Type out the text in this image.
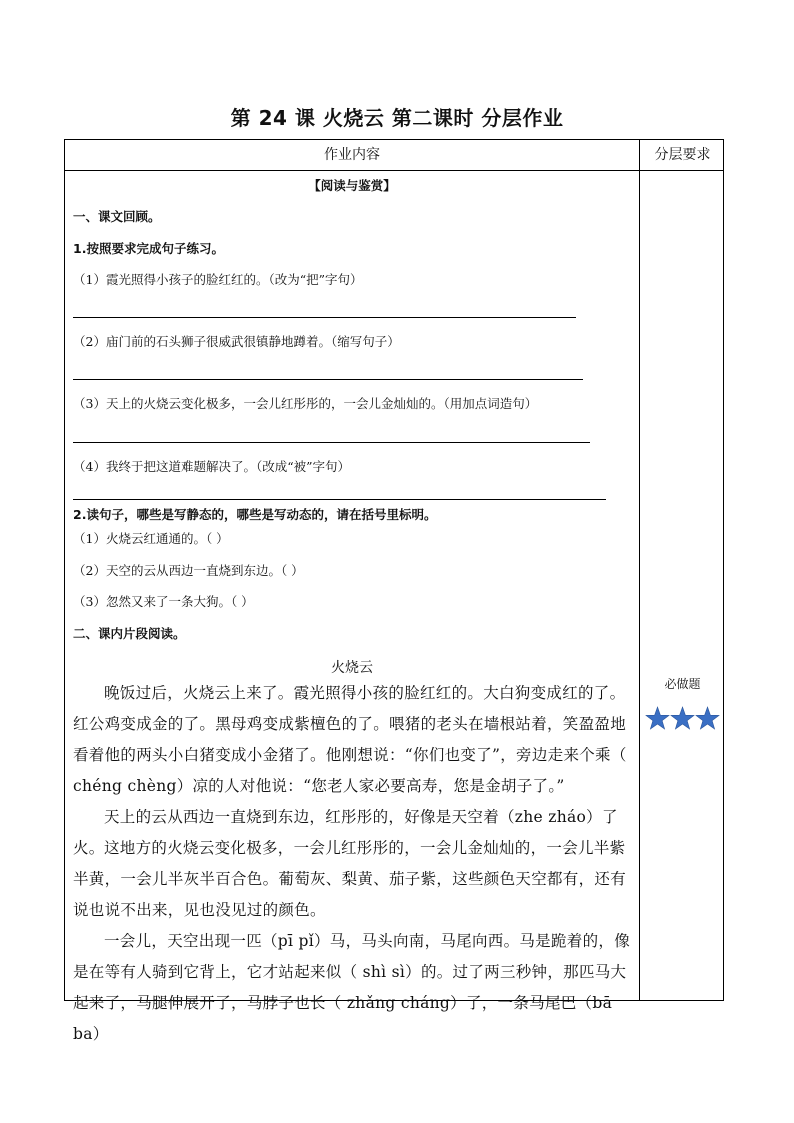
第 24 课 火烧云 第二课时 分层作业
作业内容	分层要求
【阅读与鉴赏】
一、课文回顾。
1.按照要求完成句子练习。
（1）霞光照得小孩子的脸红红的。（改为“把”字句）
（2）庙门前的石头狮子很威武很镇静地蹲着。（缩写句子）
（3）天上的火烧云变化极多，一会儿红彤彤的，一会儿金灿灿的。（用加点词造句）
（4）我终于把这道难题解决了。（改成“被”字句）
2.读句子，哪些是写静态的，哪些是写动态的，请在括号里标明。
（1）火烧云红通通的。（ ）
（2）天空的云从西边一直烧到东边。（ ）
（3）忽然又来了一条大狗。（ ）
二、课内片段阅读。
火烧云
晚饭过后，火烧云上来了。霞光照得小孩的脸红红的。大白狗变成红的了。红公鸡变成金的了。黑母鸡变成紫檀色的了。喂猪的老头在墙根站着，笑盈盈地看着他的两头小白猪变成小金猪了。他刚想说：“你们也变了”，旁边走来个乘（ chéng chèng）凉的人对他说：“您老人家必要高寿，您是金胡子了。”
天上的云从西边一直烧到东边，红彤彤的，好像是天空着（zhe zháo）了火。 这地方的火烧云变化极多，一会儿红彤彤的，一会儿金灿灿的，一会儿半紫半黄，一会儿半灰半百合色。葡萄灰、梨黄、茄子紫，这些颜色天空都有，还有说也说不出来，见也没见过的颜色。
一会儿，天空出现一匹（pī pǐ）马，马头向南，马尾向西。马是跪着的，像是在等有人骑到它背上，它才站起来似（ shì sì）的。过了两三秒钟，那匹马大起来了，马腿伸展开了，马脖子也长（ zhǎng cháng）了，一条马尾巴（bā ba）
必做题
